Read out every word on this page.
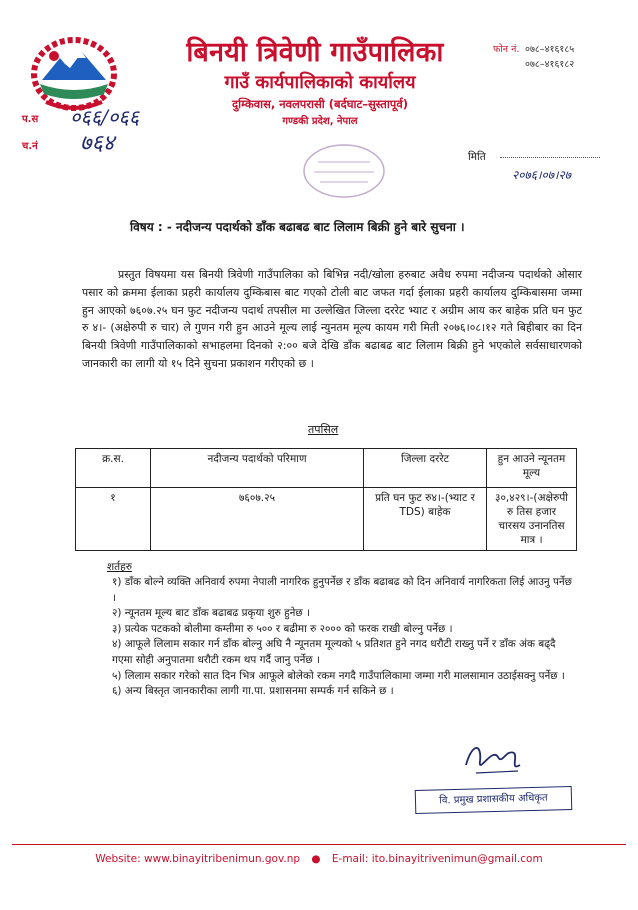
बिनयी त्रिवेणी गाउँपालिका
गाउँ कार्यपालिकाको कार्यालय
दुम्किवास, नवलपरासी (बर्दघाट–सुस्तापूर्व)
गण्डकी प्रदेश, नेपाल
फोन नं. ०७८–४१६१८५
०७८–४१६१८२
प.स ०६६/०६६
च.नं ७६४
मिति
२०७६।०७।२७
विषय : - नदीजन्य पदार्थको डाँक बढाबढ बाट लिलाम बिक्री हुने बारे सुचना ।
प्रस्तुत विषयमा यस बिनयी त्रिवेणी गाउँपालिका को बिभिन्न नदी/खोला हरुबाट अवैध रुपमा नदीजन्य पदार्थको ओसार पसार को क्रममा ईलाका प्रहरी कार्यालय दुम्किबास बाट गएको टोली बाट जफत गर्दा ईलाका प्रहरी कार्यालय दुम्किबासमा जम्मा हुन आएको ७६०७.२५ घन फुट नदीजन्य पदार्थ तपसील मा उल्लेखित जिल्ला दररेट भ्याट र अग्रीम आय कर बाहेक प्रति घन फुट रु ४।- (अक्षेरुपी रु चार) ले गुणन गरी हुन आउने मूल्य लाई न्युनतम मूल्य कायम गरी मिती २०७६।०८।१२ गते बिहीबार का दिन बिनयी त्रिवेणी गाउँपालिकाको सभाहलमा दिनको २:०० बजे देखि डाँक बढाबढ बाट लिलाम बिक्री हुने भएकोले सर्वसाधारणको जानकारी का लागी यो १५ दिने सुचना प्रकाशन गरीएको छ ।
तपसिल
क्र.स.	नदीजन्य पदार्थको परिमाण	जिल्ला दररेट	हुन आउने न्यूनतम मूल्य
१	७६०७.२५	प्रति घन फुट रु४।-(भ्याट र TDS) बाहेक	३०,४२९।-(अक्षेरुपी रु तिस हजार चारसय उनानतिस मात्र ।
शर्तहरु

१) डाँक बोल्ने व्यक्ति अनिवार्य रुपमा नेपाली नागरिक हुनुपर्नेछ र डाँक बढाबढ को दिन अनिवार्य नागरिकता लिई आउनु पर्नेछ ।

२) न्यूनतम मूल्य बाट डाँक बढाबढ प्रकृया शुरु हुनेछ ।

३) प्रत्येक पटकको बोलीमा कम्तीमा रु ५०० र बढीमा रु २००० को फरक राखी बोल्नु पर्नेछ ।

४) आफूले लिलाम सकार गर्न डाँक बोल्नु अघि नै न्यूनतम मूल्यको ५ प्रतिशत हुने नगद धरौटी राख्नु पर्ने र डाँक अंक बढ्दै गएमा सोही अनुपातमा धरौटी रकम थप गर्दै जानु पर्नेछ ।

५) लिलाम सकार गरेको सात दिन भित्र आफूले बोलेको रकम नगदै गाउँपालिकामा जम्मा गरी मालसामान उठाईसक्नु पर्नेछ ।

६) अन्य बिस्तृत जानकारीका लागी गा.पा. प्रशासनमा सम्पर्क गर्न सकिने छ ।

वि. प्रमुख प्रशासकीय अधिकृत
Website: www.binayitribenimun.gov.np ● E-mail: ito.binayitrivenimun@gmail.com
